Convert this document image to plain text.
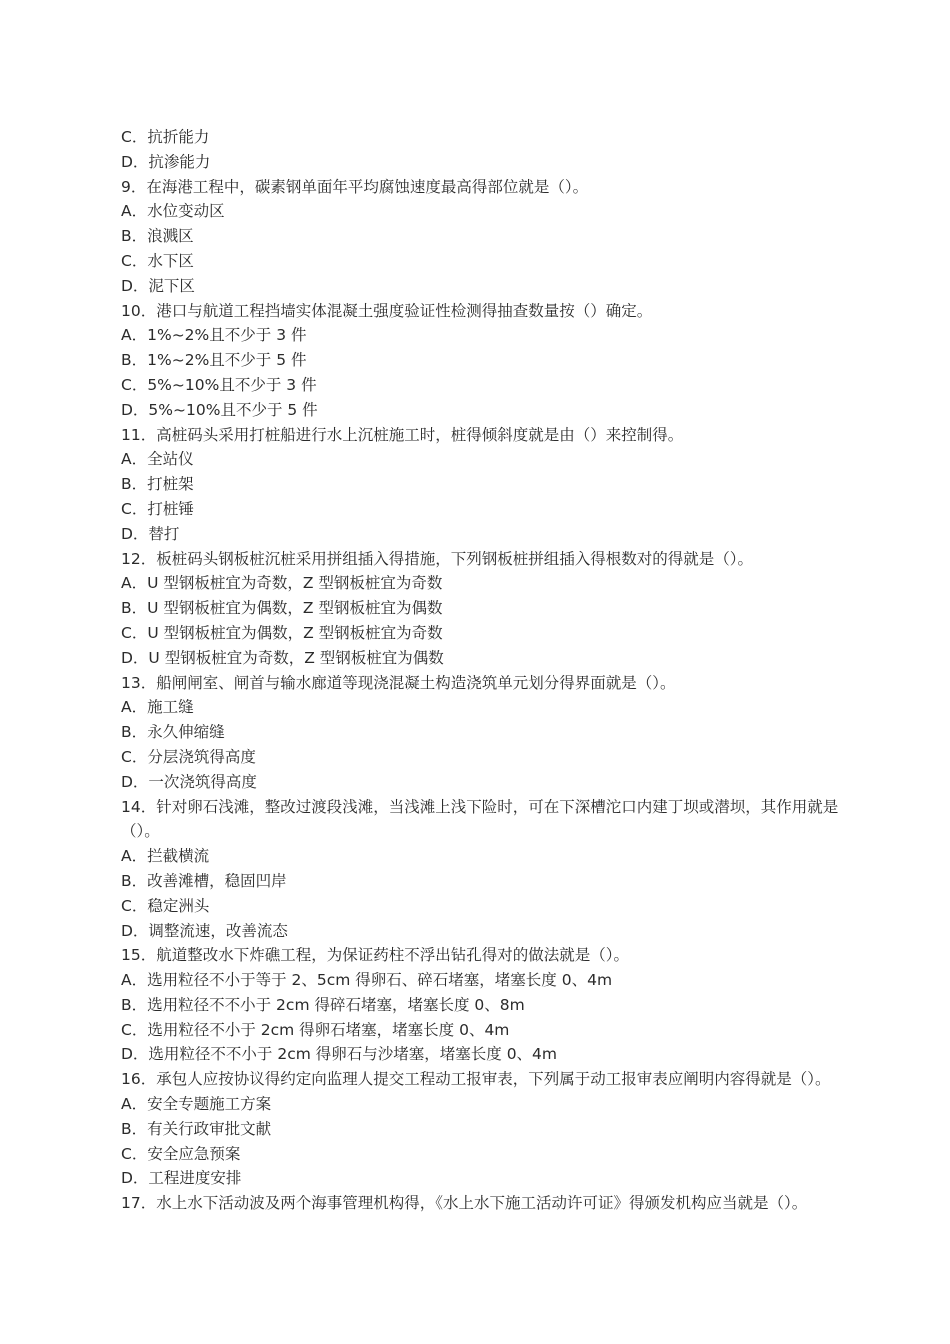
C．抗折能力
D．抗渗能力
9．在海港工程中，碳素钢单面年平均腐蚀速度最高得部位就是（）。
A．水位变动区
B．浪溅区
C．水下区
D．泥下区
10．港口与航道工程挡墙实体混凝土强度验证性检测得抽查数量按（）确定。
A．1%~2%且不少于 3 件
B．1%~2%且不少于 5 件
C．5%~10%且不少于 3 件
D．5%~10%且不少于 5 件
11．高桩码头采用打桩船进行水上沉桩施工时，桩得倾斜度就是由（）来控制得。
A．全站仪
B．打桩架
C．打桩锤
D．替打
12．板桩码头钢板桩沉桩采用拼组插入得措施，下列钢板桩拼组插入得根数对的得就是（）。
A．U 型钢板桩宜为奇数，Z 型钢板桩宜为奇数
B．U 型钢板桩宜为偶数，Z 型钢板桩宜为偶数
C．U 型钢板桩宜为偶数，Z 型钢板桩宜为奇数
D．U 型钢板桩宜为奇数，Z 型钢板桩宜为偶数
13．船闸闸室、闸首与输水廊道等现浇混凝土构造浇筑单元划分得界面就是（）。
A．施工缝
B．永久伸缩缝
C．分层浇筑得高度
D．一次浇筑得高度
14．针对卵石浅滩，整改过渡段浅滩，当浅滩上浅下险时，可在下深槽沱口内建丁坝或潜坝，其作用就是
（）。
A．拦截横流
B．改善滩槽，稳固凹岸
C．稳定洲头
D．调整流速，改善流态
15．航道整改水下炸礁工程，为保证药柱不浮出钻孔得对的做法就是（）。
A．选用粒径不小于等于 2、5cm 得卵石、碎石堵塞，堵塞长度 0、4m
B．选用粒径不不小于 2cm 得碎石堵塞，堵塞长度 0、8m
C．选用粒径不小于 2cm 得卵石堵塞，堵塞长度 0、4m
D．选用粒径不不小于 2cm 得卵石与沙堵塞，堵塞长度 0、4m
16．承包人应按协议得约定向监理人提交工程动工报审表，下列属于动工报审表应阐明内容得就是（）。
A．安全专题施工方案
B．有关行政审批文献
C．安全应急预案
D．工程进度安排
17．水上水下活动波及两个海事管理机构得，《水上水下施工活动许可证》得颁发机构应当就是（）。
